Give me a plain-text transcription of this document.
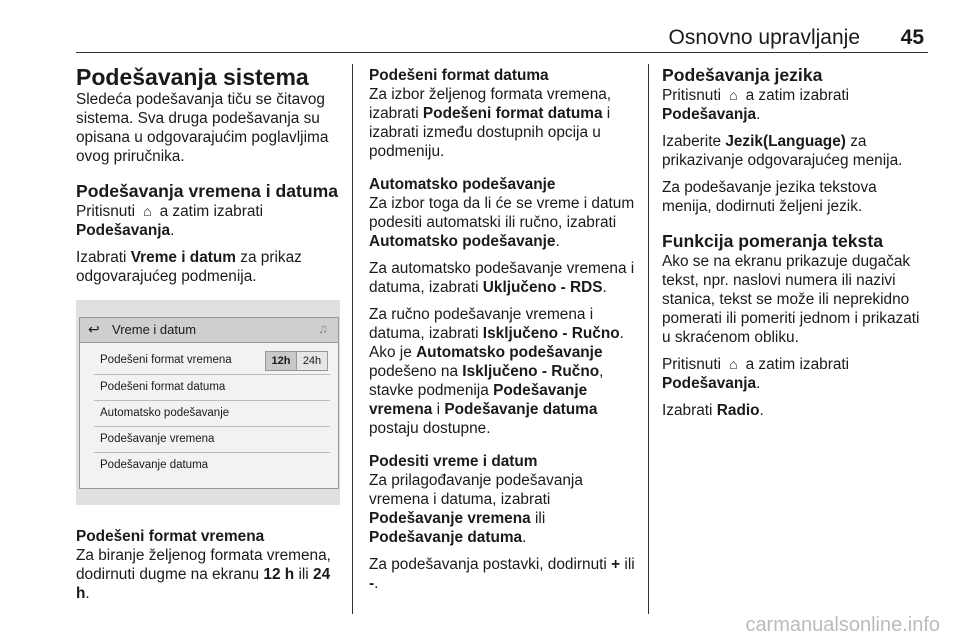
Osnovno upravljanje	45

Podešavanja sistema

Sledeća podešavanja tiču se čitavog sistema. Sva druga podešavanja su opisana u odgovarajućim poglavljima ovog priručnika.

Podešavanja vremena i datuma

Pritisnuti ⌂ a zatim izabrati
Podešavanja.

Izabrati Vreme i datum za prikaz odgovarajućeg podmenija.

↩ Vreme i datum	♫
Podešeni format vremena	12h	24h
Podešeni format datuma
Automatsko podešavanje
Podešavanje vremena
Podešavanje datuma

Podešeni format vremena

Za biranje željenog formata vremena, dodirnuti dugme na ekranu 12 h ili 24 h.

Podešeni format datuma

Za izbor željenog formata vremena, izabrati Podešeni format datuma i izabrati između dostupnih opcija u podmeniju.

Automatsko podešavanje

Za izbor toga da li će se vreme i datum podesiti automatski ili ručno, izabrati Automatsko podešavanje.

Za automatsko podešavanje vremena i datuma, izabrati Uključeno - RDS.

Za ručno podešavanje vremena i datuma, izabrati Isključeno - Ručno. Ako je Automatsko podešavanje podešeno na Isključeno - Ručno, stavke podmenija Podešavanje vremena i Podešavanje datuma postaju dostupne.

Podesiti vreme i datum

Za prilagođavanje podešavanja vremena i datuma, izabrati Podešavanje vremena ili Podešavanje datuma.

Za podešavanja postavki, dodirnuti + ili -.

Podešavanja jezika

Pritisnuti ⌂ a zatim izabrati
Podešavanja.

Izaberite Jezik(Language) za prikazivanje odgovarajućeg menija.

Za podešavanje jezika tekstova menija, dodirnuti željeni jezik.

Funkcija pomeranja teksta

Ako se na ekranu prikazuje dugačak tekst, npr. naslovi numera ili nazivi stanica, tekst se može ili neprekidno pomerati ili pomeriti jednom i prikazati u skraćenom obliku.

Pritisnuti ⌂ a zatim izabrati
Podešavanja.

Izabrati Radio.

carmanualsonline.info
